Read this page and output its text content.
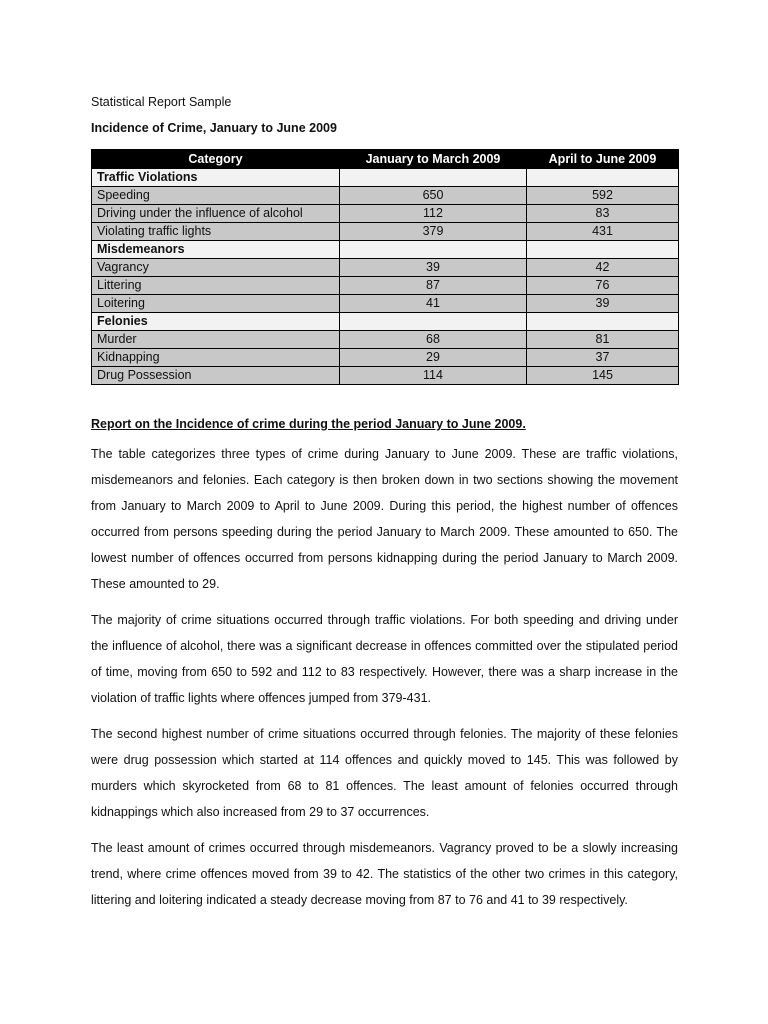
Statistical Report Sample

Incidence of Crime, January to June 2009

Category	January to March 2009	April to June 2009
Traffic Violations		
Speeding	650	592
Driving under the influence of alcohol	112	83
Violating traffic lights	379	431
Misdemeanors		
Vagrancy	39	42
Littering	87	76
Loitering	41	39
Felonies		
Murder	68	81
Kidnapping	29	37
Drug Possession	114	145
Report on the Incidence of crime during the period January to June 2009.

The table categorizes three types of crime during January to June 2009. These are traffic violations, misdemeanors and felonies. Each category is then broken down in two sections showing the movement from January to March 2009 to April to June 2009. During this period, the highest number of offences occurred from persons speeding during the period January to March 2009. These amounted to 650. The lowest number of offences occurred from persons kidnapping during the period January to March 2009. These amounted to 29.

The majority of crime situations occurred through traffic violations. For both speeding and driving under the influence of alcohol, there was a significant decrease in offences committed over the stipulated period of time, moving from 650 to 592 and 112 to 83 respectively. However, there was a sharp increase in the violation of traffic lights where offences jumped from 379-431.

The second highest number of crime situations occurred through felonies. The majority of these felonies were drug possession which started at 114 offences and quickly moved to 145. This was followed by murders which skyrocketed from 68 to 81 offences. The least amount of felonies occurred through kidnappings which also increased from 29 to 37 occurrences.

The least amount of crimes occurred through misdemeanors. Vagrancy proved to be a slowly increasing trend, where crime offences moved from 39 to 42. The statistics of the other two crimes in this category, littering and loitering indicated a steady decrease moving from 87 to 76 and 41 to 39 respectively.
